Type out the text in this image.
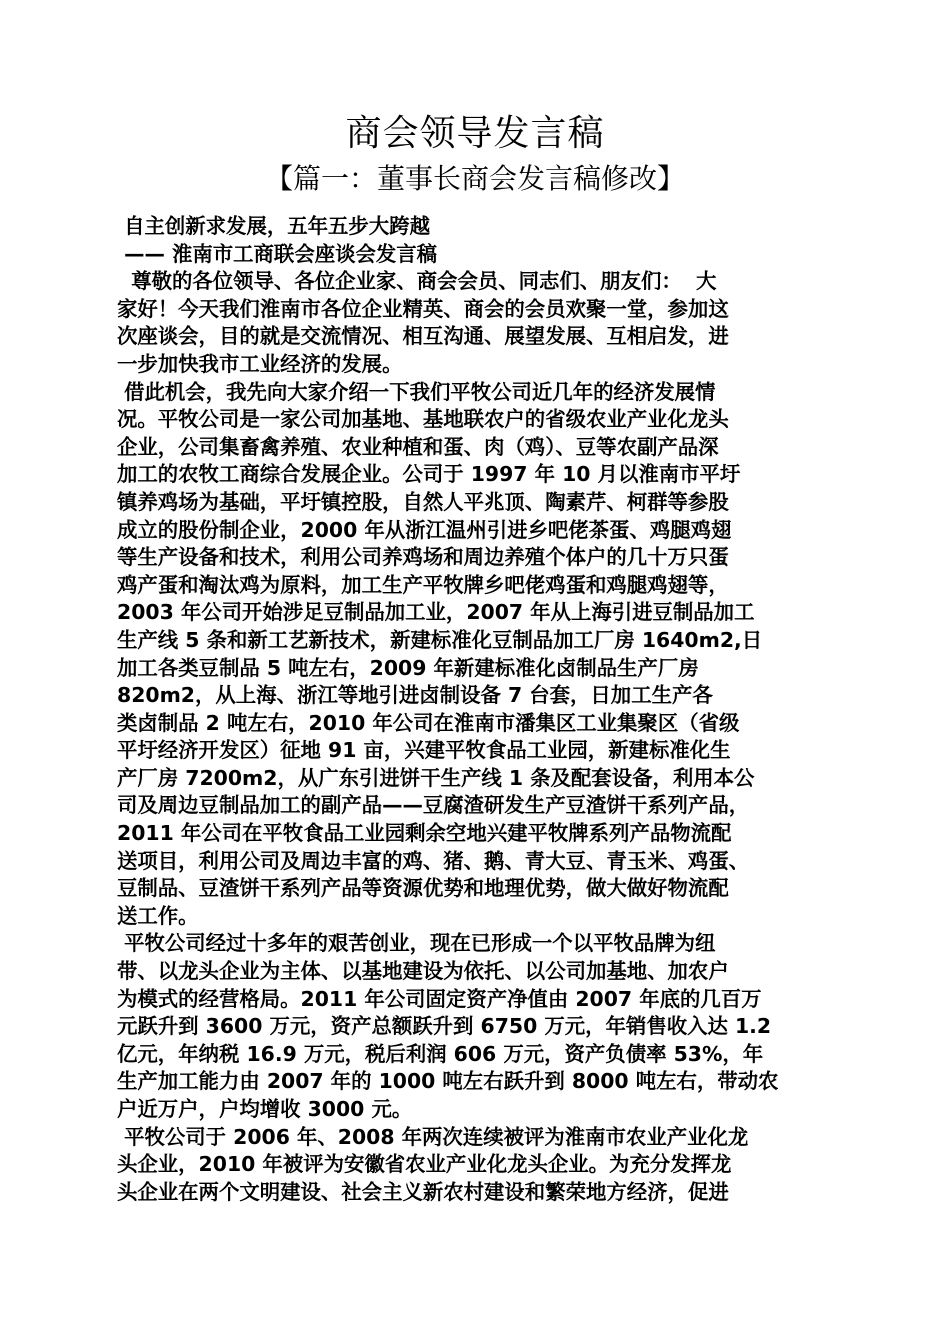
商会领导发言稿
【篇一：董事长商会发言稿修改】
自主创新求发展，五年五步大跨越
—— 淮南市工商联会座谈会发言稿
尊敬的各位领导、各位企业家、商会会员、同志们、朋友们：  大
家好！今天我们淮南市各位企业精英、商会的会员欢聚一堂，参加这
次座谈会，目的就是交流情况、相互沟通、展望发展、互相启发，进
一步加快我市工业经济的发展。
借此机会，我先向大家介绍一下我们平牧公司近几年的经济发展情
况。平牧公司是一家公司加基地、基地联农户的省级农业产业化龙头
企业，公司集畜禽养殖、农业种植和蛋、肉（鸡）、豆等农副产品深
加工的农牧工商综合发展企业。公司于 1997 年 10 月以淮南市平圩
镇养鸡场为基础，平圩镇控股，自然人平兆顶、陶素芹、柯群等参股
成立的股份制企业，2000 年从浙江温州引进乡吧佬茶蛋、鸡腿鸡翅
等生产设备和技术，利用公司养鸡场和周边养殖个体户的几十万只蛋
鸡产蛋和淘汰鸡为原料，加工生产平牧牌乡吧佬鸡蛋和鸡腿鸡翅等，
2003 年公司开始涉足豆制品加工业，2007 年从上海引进豆制品加工
生产线 5 条和新工艺新技术，新建标准化豆制品加工厂房 1640m2,日
加工各类豆制品 5 吨左右，2009 年新建标准化卤制品生产厂房
820m2，从上海、浙江等地引进卤制设备 7 台套，日加工生产各
类卤制品 2 吨左右，2010 年公司在淮南市潘集区工业集聚区（省级
平圩经济开发区）征地 91 亩，兴建平牧食品工业园，新建标准化生
产厂房 7200m2，从广东引进饼干生产线 1 条及配套设备，利用本公
司及周边豆制品加工的副产品——豆腐渣研发生产豆渣饼干系列产品，
2011 年公司在平牧食品工业园剩余空地兴建平牧牌系列产品物流配
送项目，利用公司及周边丰富的鸡、猪、鹅、青大豆、青玉米、鸡蛋、
豆制品、豆渣饼干系列产品等资源优势和地理优势，做大做好物流配
送工作。
平牧公司经过十多年的艰苦创业，现在已形成一个以平牧品牌为纽
带、以龙头企业为主体、以基地建设为依托、以公司加基地、加农户
为模式的经营格局。2011 年公司固定资产净值由 2007 年底的几百万
元跃升到 3600 万元，资产总额跃升到 6750 万元，年销售收入达 1.2
亿元，年纳税 16.9 万元，税后利润 606 万元，资产负债率 53%，年
生产加工能力由 2007 年的 1000 吨左右跃升到 8000 吨左右，带动农
户近万户，户均增收 3000 元。
平牧公司于 2006 年、2008 年两次连续被评为淮南市农业产业化龙
头企业，2010 年被评为安徽省农业产业化龙头企业。为充分发挥龙
头企业在两个文明建设、社会主义新农村建设和繁荣地方经济，促进
